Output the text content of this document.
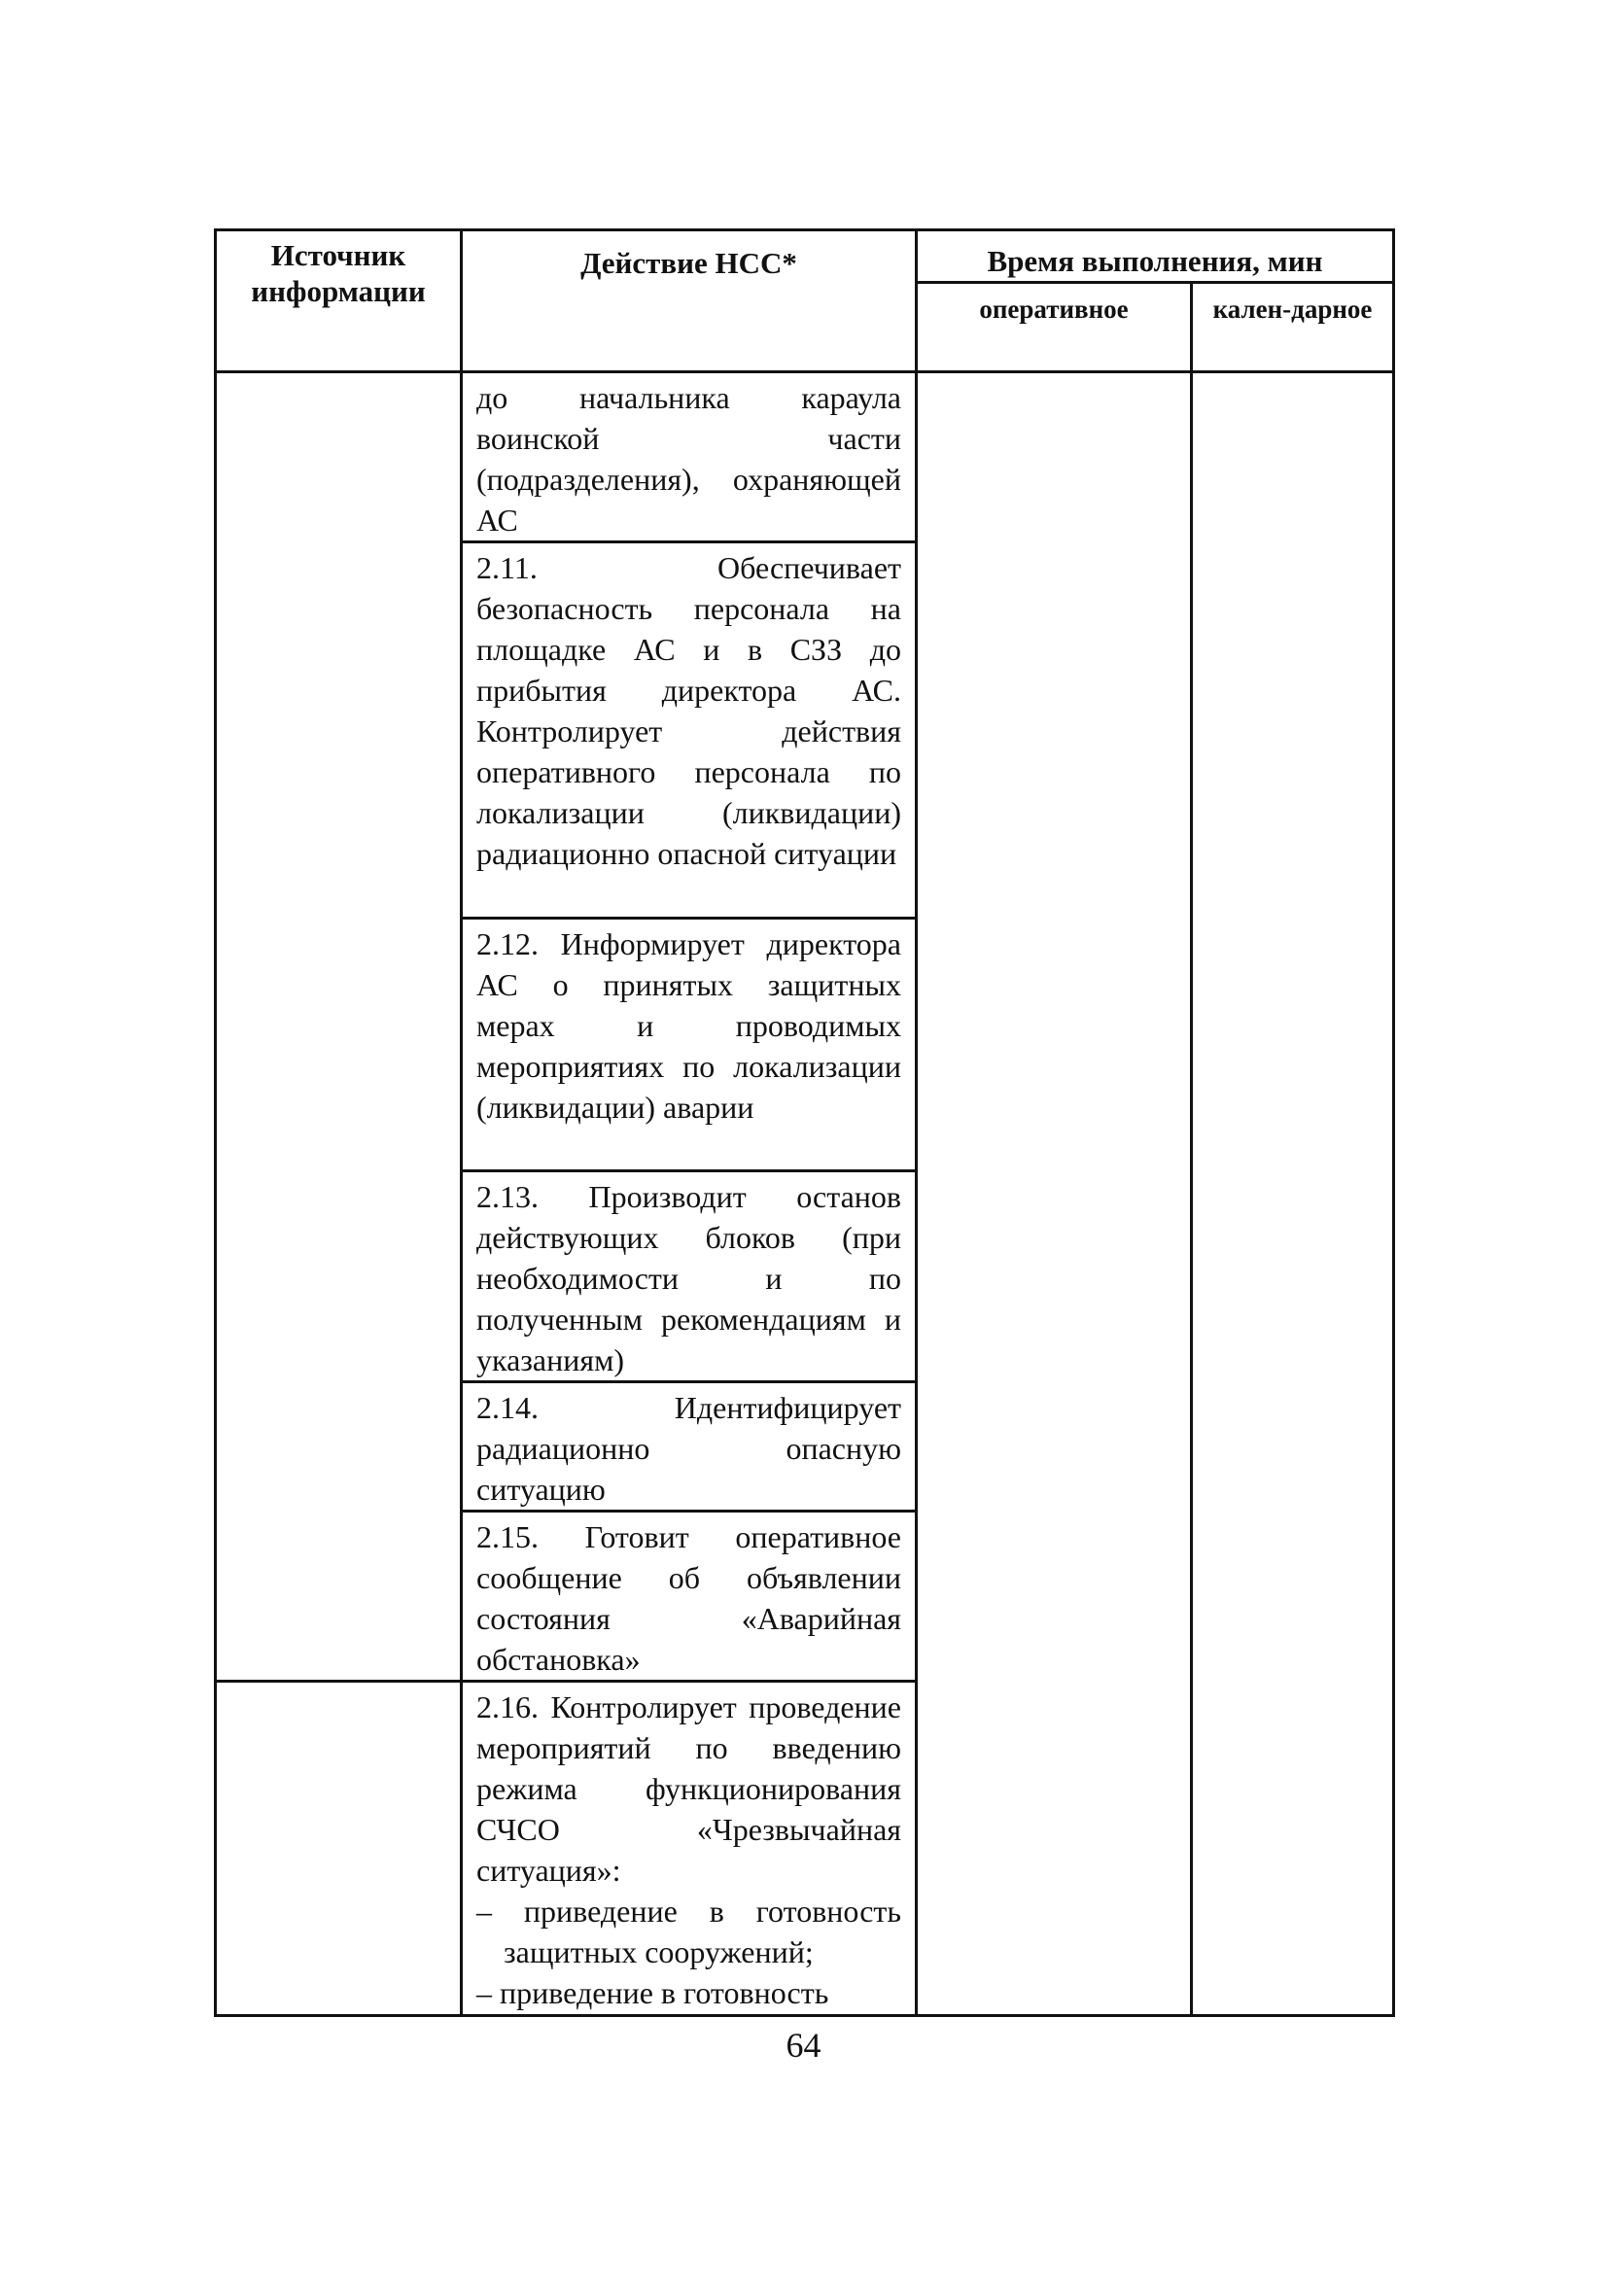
Источник информации	Действие НСС*	Время выполнения, мин	
		оперативное	кален-дарное
	до начальника караула воинской части (подразделения), охраняющей АС		
	2.11. Обеспечивает безопасность персонала на площадке АС и в СЗЗ до прибытия директора АС. Контролирует действия оперативного персонала по локализации (ликвидации) радиационно опасной ситуации		
	2.12. Информирует директора АС о принятых защитных мерах и проводимых мероприятиях по локализации (ликвидации) аварии		
	2.13. Производит останов действующих блоков (при необходимости и по полученным рекомендациям и указаниям)		
	2.14. Идентифицирует радиационно опасную ситуацию		
	2.15. Готовит оперативное сообщение об объявлении состояния «Аварийная обстановка»		
	2.16. Контролирует проведение мероприятий по введению режима функционирования СЧСО «Чрезвычайная ситуация»:
– приведение в готовность защитных сооружений;
– приведение в готовность		
64
